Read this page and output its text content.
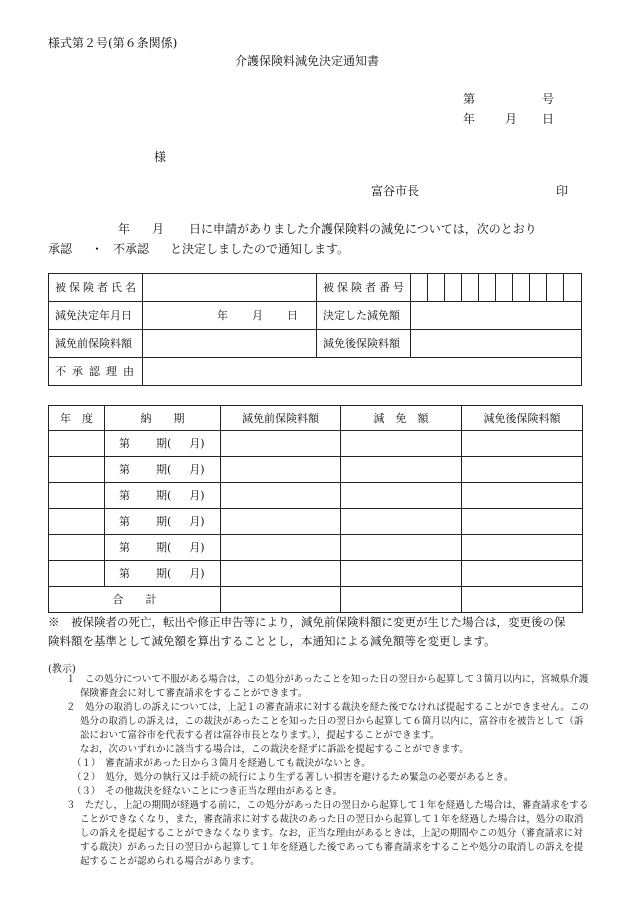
様式第２号(第６条関係)
介護保険料減免決定通知書
第	号
年 月 日
様
富谷市長	印
年 月 日に申請がありました介護保険料の減免については，次のとおり
承認 ・ 不承認 と決定しましたので通知します。
被保険者氏名		被保険者番号										
減免決定年月日	年 月 日	決定した減免額										
減免前保険料額		減免後保険料額										
不承認理由												
年　度	納　　期	減免前保険料額	減　免　額	減免後保険料額
	第 期( 月)			
	第 期( 月)			
	第 期( 月)			
	第 期( 月)			
	第 期( 月)			
	第 期( 月)			
合　　計				
※　被保険者の死亡，転出や修正申告等により，減免前保険料額に変更が生じた場合は，変更後の保
険料額を基準として減免額を算出することとし，本通知による減免額等を変更します。
(教示)

１　この処分について不服がある場合は，この処分があったことを知った日の翌日から起算して３箇月以内に，宮城県介護保険審査会に対して審査請求をすることができます。

２　処分の取消しの訴えについては，上記１の審査請求に対する裁決を経た後でなければ提起することができません。この処分の取消しの訴えは，この裁決があったことを知った日の翌日から起算して６箇月以内に，富谷市を被告として（訴訟において富谷市を代表する者は富谷市長となります。），提起することができます。

なお，次のいずれかに該当する場合は，この裁決を経ずに訴訟を提起することができます。

（１）　審査請求があった日から３箇月を経過しても裁決がないとき。

（２）　処分，処分の執行又は手続の続行により生ずる著しい損害を避けるため緊急の必要があるとき。

（３）　その他裁決を経ないことにつき正当な理由があるとき。

３　ただし，上記の期間が経過する前に，この処分があった日の翌日から起算して１年を経過した場合は，審査請求をすることができなくなり，また，審査請求に対する裁決のあった日の翌日から起算して１年を経過した場合は，処分の取消しの訴えを提起することができなくなります。なお，正当な理由があるときは，上記の期間やこの処分（審査請求に対する裁決）があった日の翌日から起算して１年を経過した後であっても審査請求をすることや処分の取消しの訴えを提起することが認められる場合があります。
